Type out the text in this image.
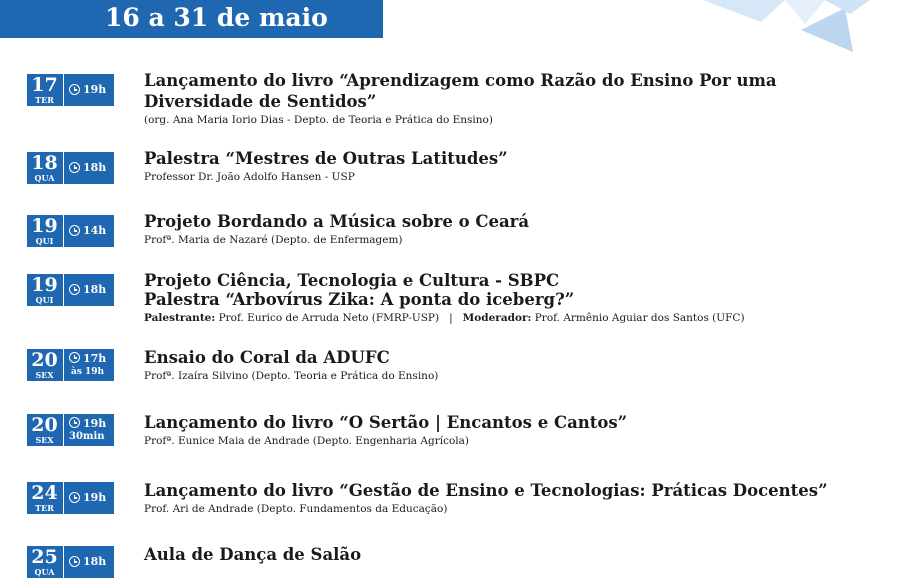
16 a 31 de maio
17
TER
19h Lançamento do livro “Aprendizagem como Razão do Ensino Por uma
Diversidade de Sentidos”
(org. Ana Maria Iorio Dias - Depto. de Teoria e Prática do Ensino)
18
QUA
18h Palestra “Mestres de Outras Latitudes”
Professor Dr. João Adolfo Hansen - USP
19
QUI
14h Projeto Bordando a Música sobre o Ceará
Profª. Maria de Nazaré (Depto. de Enfermagem)
19
QUI
18h Projeto Ciência, Tecnologia e Cultura - SBPC
Palestra “Arbovírus Zika: A ponta do iceberg?”
Palestrante: Prof. Eurico de Arruda Neto (FMRP-USP) | Moderador: Prof. Armênio Aguiar dos Santos (UFC)
20
SEX
17h
às 19h
Ensaio do Coral da ADUFC
Profª. Izaíra Silvino (Depto. Teoria e Prática do Ensino)
20
SEX
19h
30min
Lançamento do livro “O Sertão | Encantos e Cantos”
Profª. Eunice Maia de Andrade (Depto. Engenharia Agrícola)
24
TER
19h Lançamento do livro “Gestão de Ensino e Tecnologias: Práticas Docentes”
Prof. Ari de Andrade (Depto. Fundamentos da Educação)
25
QUA
18h Aula de Dança de Salão
